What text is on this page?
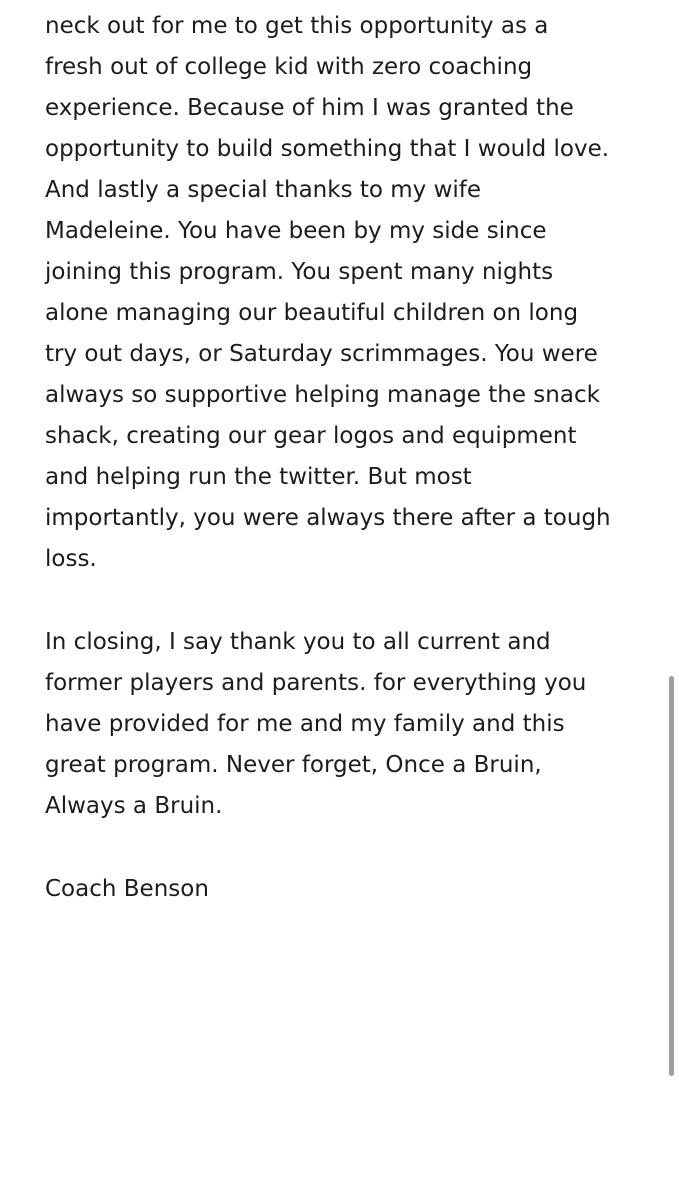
neck out for me to get this opportunity as a
fresh out of college kid with zero coaching
experience. Because of him I was granted the
opportunity to build something that I would love.
And lastly a special thanks to my wife
Madeleine. You have been by my side since
joining this program. You spent many nights
alone managing our beautiful children on long
try out days, or Saturday scrimmages. You were
always so supportive helping manage the snack
shack, creating our gear logos and equipment
and helping run the twitter. But most
importantly, you were always there after a tough
loss.
In closing, I say thank you to all current and
former players and parents. for everything you
have provided for me and my family and this
great program. Never forget, Once a Bruin,
Always a Bruin.
Coach Benson
